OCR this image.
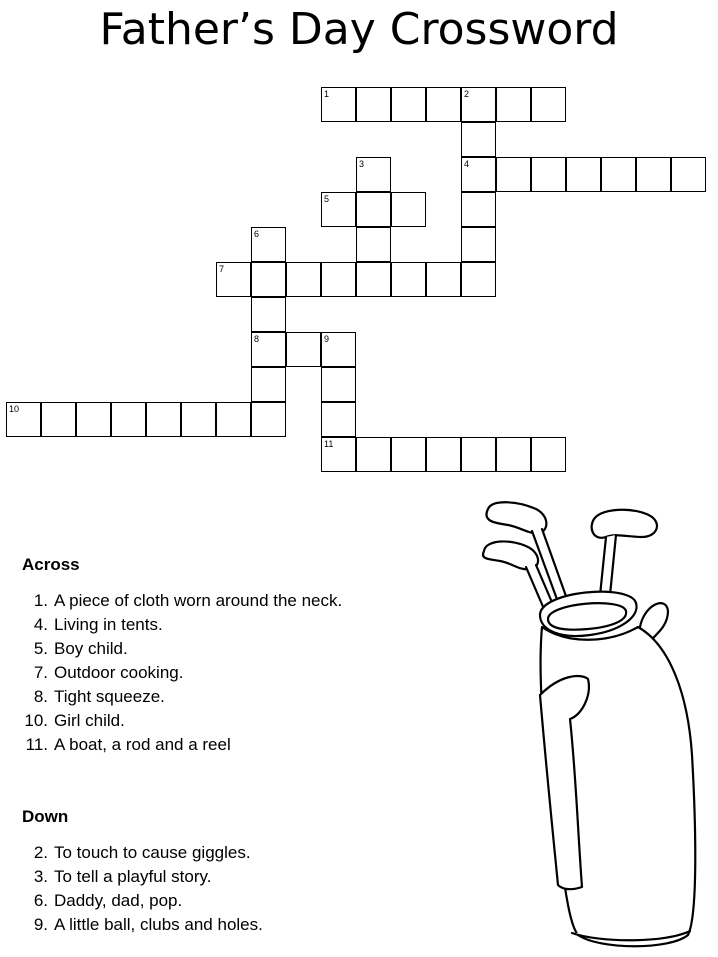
Father’s Day Crossword
1	2
4
3
5
6
8
7
9
11
10
Across
1. A piece of cloth worn around the neck.
4. Living in tents.
5. Boy child.
7. Outdoor cooking.
8. Tight squeeze.
10. Girl child.
11. A boat, a rod and a reel
Down
2. To touch to cause giggles.
3. To tell a playful story.
6. Daddy, dad, pop.
9. A little ball, clubs and holes.
